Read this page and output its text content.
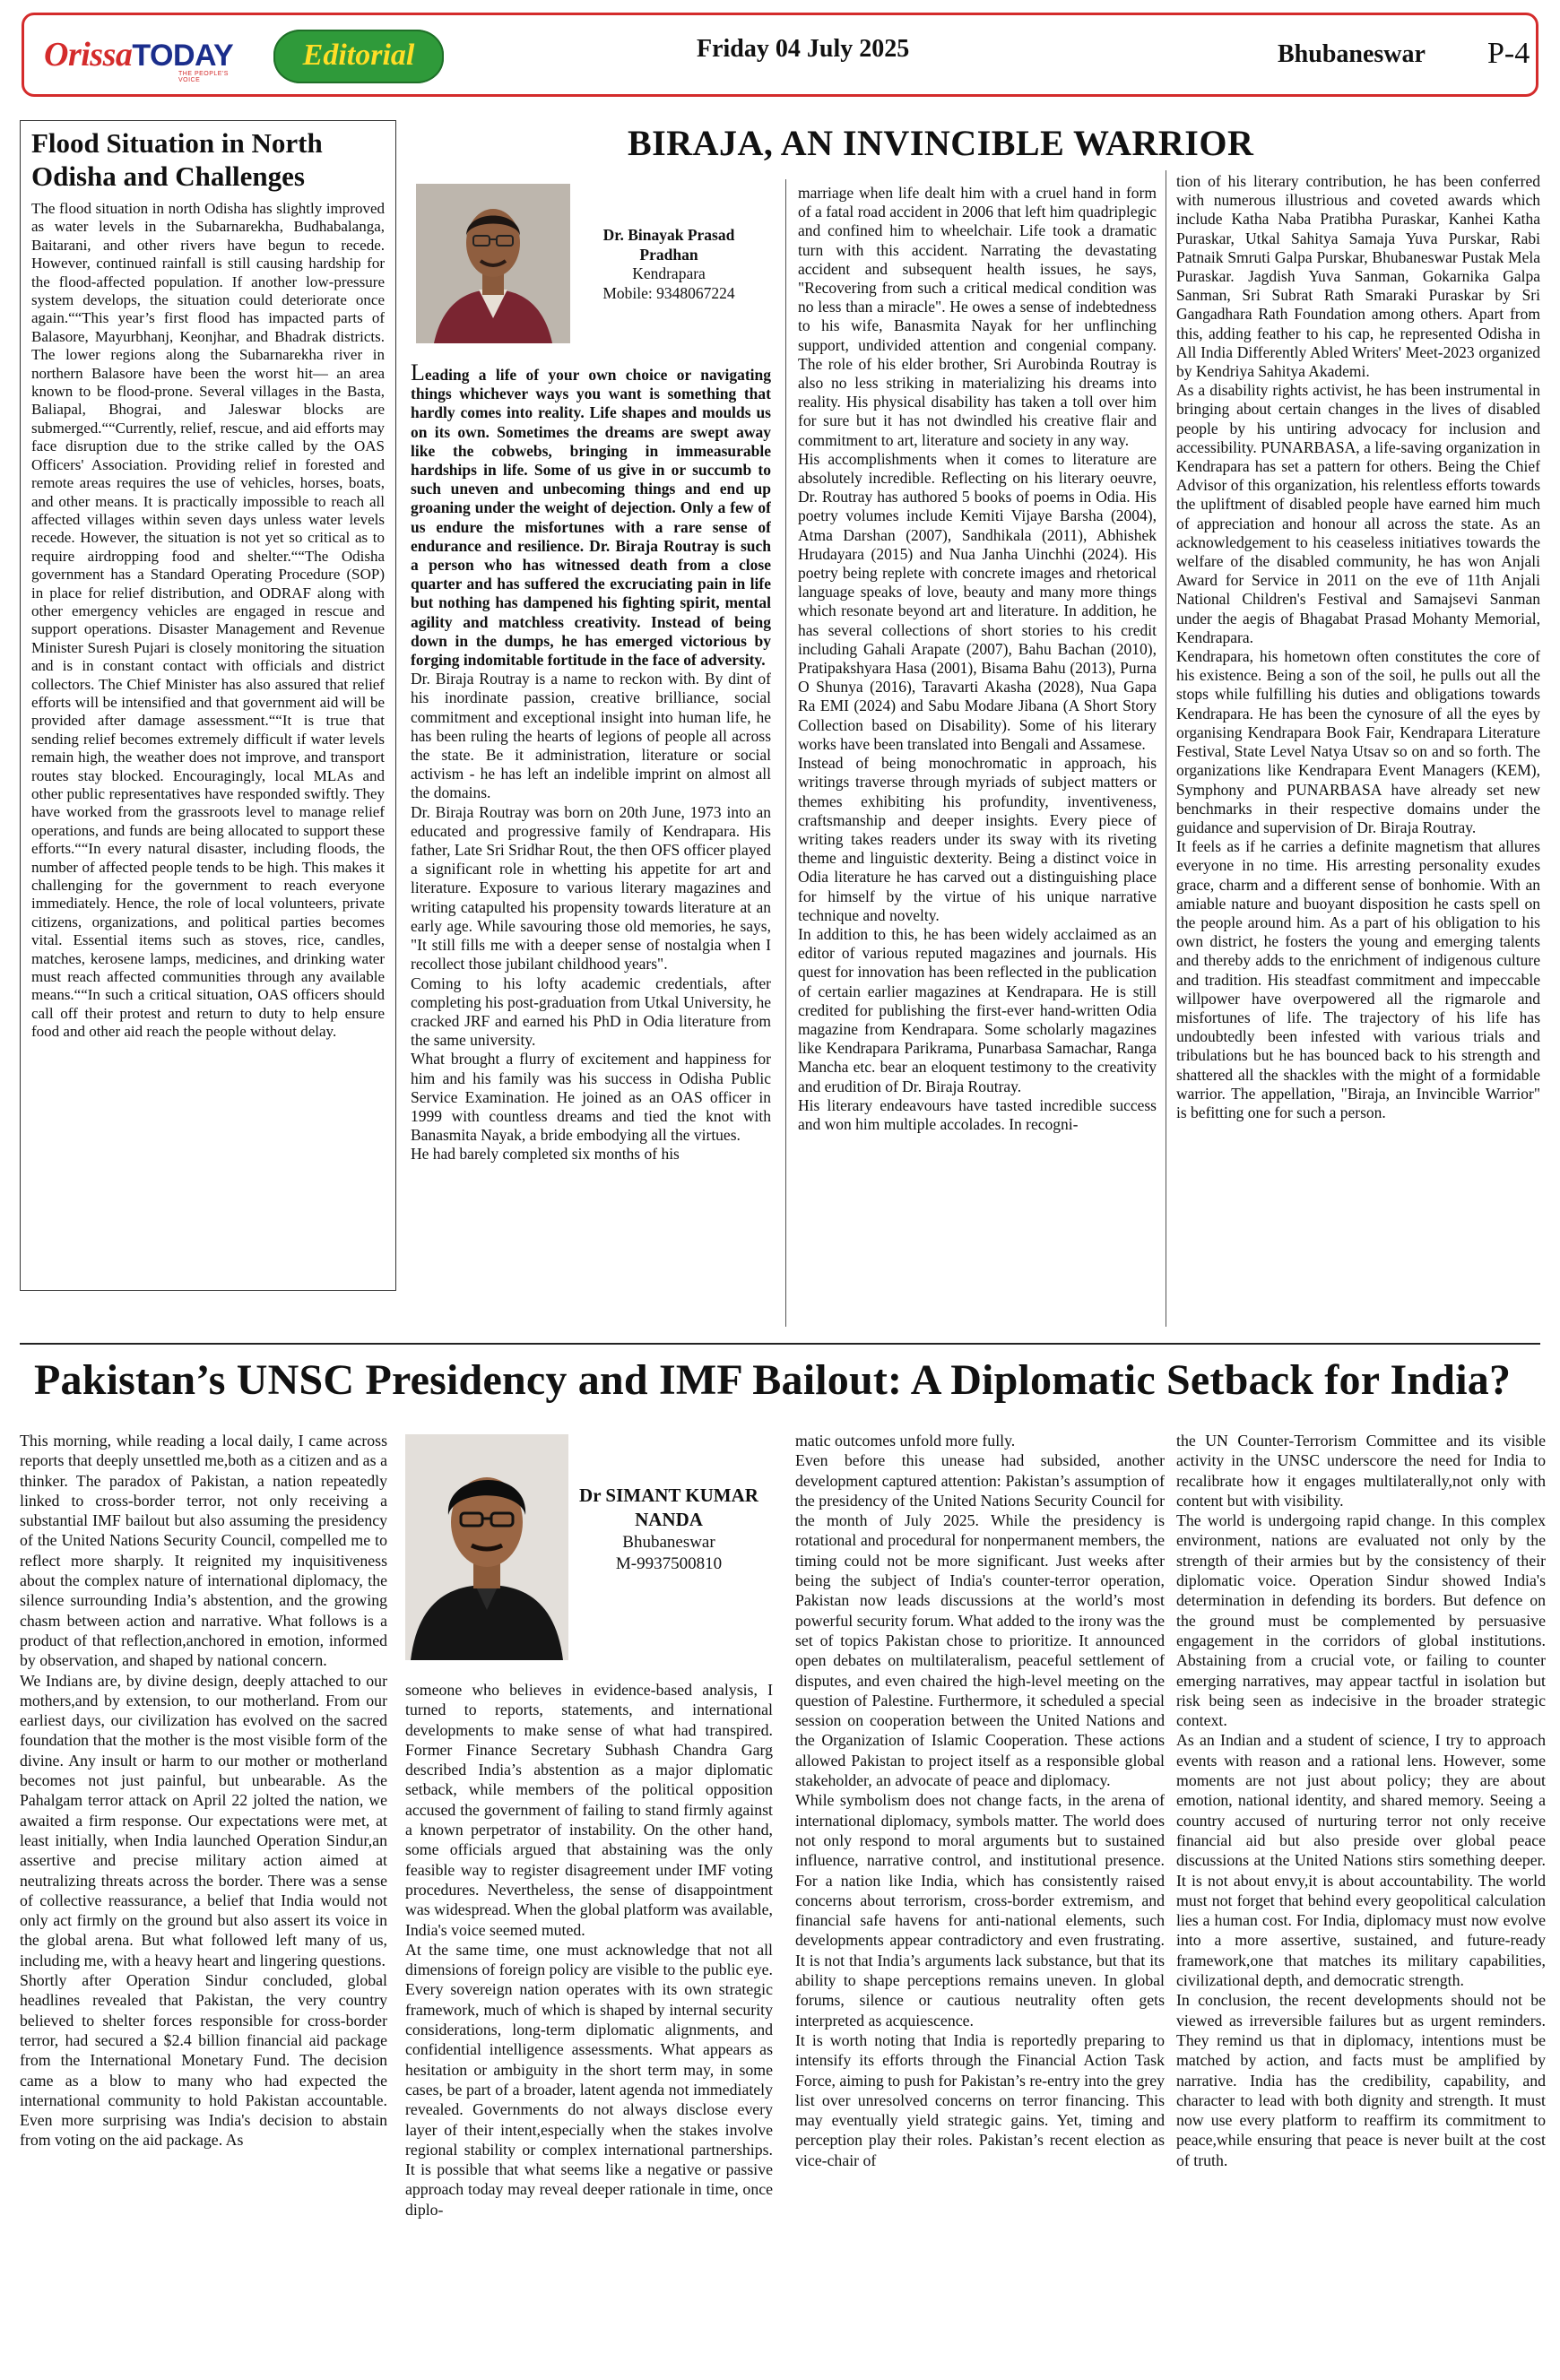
OrissaTODAY
THE PEOPLE'S VOICE
Editorial	Friday 04 July 2025	Bhubaneswar P-4
Flood Situation in North Odisha and Challenges
The flood situation in north Odisha has slightly improved as water levels in the Subarnarekha, Budhabalanga, Baitarani, and other rivers have begun to recede. However, continued rainfall is still causing hardship for the flood-affected population. If another low-pressure system develops, the situation could deteriorate once again.““This year’s first flood has impacted parts of Balasore, Mayurbhanj, Keonjhar, and Bhadrak districts. The lower regions along the Subarnarekha river in northern Balasore have been the worst hit— an area known to be flood-prone. Several villages in the Basta, Baliapal, Bhograi, and Jaleswar blocks are submerged.““Currently, relief, rescue, and aid efforts may face disruption due to the strike called by the OAS Officers' Association. Providing relief in forested and remote areas requires the use of vehicles, horses, boats, and other means. It is practically impossible to reach all affected villages within seven days unless water levels recede. However, the situation is not yet so critical as to require airdropping food and shelter.““The Odisha government has a Standard Operating Procedure (SOP) in place for relief distribution, and ODRAF along with other emergency vehicles are engaged in rescue and support operations. Disaster Management and Revenue Minister Suresh Pujari is closely monitoring the situation and is in constant contact with officials and district collectors. The Chief Minister has also assured that relief efforts will be intensified and that government aid will be provided after damage assessment.““It is true that sending relief becomes extremely difficult if water levels remain high, the weather does not improve, and transport routes stay blocked. Encouragingly, local MLAs and other public representatives have responded swiftly. They have worked from the grassroots level to manage relief operations, and funds are being allocated to support these efforts.““In every natural disaster, including floods, the number of affected people tends to be high. This makes it challenging for the government to reach everyone immediately. Hence, the role of local volunteers, private citizens, organizations, and political parties becomes vital. Essential items such as stoves, rice, candles, matches, kerosene lamps, medicines, and drinking water must reach affected communities through any available means.““In such a critical situation, OAS officers should call off their protest and return to duty to help ensure food and other aid reach the people without delay.
BIRAJA, AN INVINCIBLE WARRIOR
Dr. Binayak Prasad Pradhan
Kendrapara
Mobile: 9348067224

Leading a life of your own choice or navigating things whichever ways you want is something that hardly comes into reality. Life shapes and moulds us on its own. Sometimes the dreams are swept away like the cobwebs, bringing in immeasurable hardships in life. Some of us give in or succumb to such uneven and unbecoming things and end up groaning under the weight of dejection. Only a few of us endure the misfortunes with a rare sense of endurance and resilience. Dr. Biraja Routray is such a person who has witnessed death from a close quarter and has suffered the excruciating pain in life but nothing has dampened his fighting spirit, mental agility and matchless creativity. Instead of being down in the dumps, he has emerged victorious by forging indomitable fortitude in the face of adversity.

Dr. Biraja Routray is a name to reckon with. By dint of his inordinate passion, creative brilliance, social commitment and exceptional insight into human life, he has been ruling the hearts of legions of people all across the state. Be it administration, literature or social activism - he has left an indelible imprint on almost all the domains.

Dr. Biraja Routray was born on 20th June, 1973 into an educated and progressive family of Kendrapara. His father, Late Sri Sridhar Rout, the then OFS officer played a significant role in whetting his appetite for art and literature. Exposure to various literary magazines and writing catapulted his propensity towards literature at an early age. While savouring those old memories, he says, "It still fills me with a deeper sense of nostalgia when I recollect those jubilant childhood years".

Coming to his lofty academic credentials, after completing his post-graduation from Utkal University, he cracked JRF and earned his PhD in Odia literature from the same university.

What brought a flurry of excitement and happiness for him and his family was his success in Odisha Public Service Examination. He joined as an OAS officer in 1999 with countless dreams and tied the knot with Banasmita Nayak, a bride embodying all the virtues.

He had barely completed six months of his

marriage when life dealt him with a cruel hand in form of a fatal road accident in 2006 that left him quadriplegic and confined him to wheelchair. Life took a dramatic turn with this accident. Narrating the devastating accident and subsequent health issues, he says, "Recovering from such a critical medical condition was no less than a miracle". He owes a sense of indebtedness to his wife, Banasmita Nayak for her unflinching support, undivided attention and congenial company. The role of his elder brother, Sri Aurobinda Routray is also no less striking in materializing his dreams into reality. His physical disability has taken a toll over him for sure but it has not dwindled his creative flair and commitment to art, literature and society in any way.

His accomplishments when it comes to literature are absolutely incredible. Reflecting on his literary oeuvre, Dr. Routray has authored 5 books of poems in Odia. His poetry volumes include Kemiti Vijaye Barsha (2004), Atma Darshan (2007), Sandhikala (2011), Abhishek Hrudayara (2015) and Nua Janha Uinchhi (2024). His poetry being replete with concrete images and rhetorical language speaks of love, beauty and many more things which resonate beyond art and literature. In addition, he has several collections of short stories to his credit including Gahali Arapate (2007), Bahu Bachan (2010), Pratipakshyara Hasa (2001), Bisama Bahu (2013), Purna O Shunya (2016), Taravarti Akasha (2028), Nua Gapa Ra EMI (2024) and Sabu Modare Jibana (A Short Story Collection based on Disability). Some of his literary works have been translated into Bengali and Assamese.

Instead of being monochromatic in approach, his writings traverse through myriads of subject matters or themes exhibiting his profundity, inventiveness, craftsmanship and deeper insights. Every piece of writing takes readers under its sway with its riveting theme and linguistic dexterity. Being a distinct voice in Odia literature he has carved out a distinguishing place for himself by the virtue of his unique narrative technique and novelty.

In addition to this, he has been widely acclaimed as an editor of various reputed magazines and journals. His quest for innovation has been reflected in the publication of certain earlier magazines at Kendrapara. He is still credited for publishing the first-ever hand-written Odia magazine from Kendrapara. Some scholarly magazines like Kendrapara Parikrama, Punarbasa Samachar, Ranga Mancha etc. bear an eloquent testimony to the creativity and erudition of Dr. Biraja Routray.

His literary endeavours have tasted incredible success and won him multiple accolades. In recogni-

tion of his literary contribution, he has been conferred with numerous illustrious and coveted awards which include Katha Naba Pratibha Puraskar, Kanhei Katha Puraskar, Utkal Sahitya Samaja Yuva Purskar, Rabi Patnaik Smruti Galpa Purskar, Bhubaneswar Pustak Mela Puraskar. Jagdish Yuva Sanman, Gokarnika Galpa Sanman, Sri Subrat Rath Smaraki Puraskar by Sri Gangadhara Rath Foundation among others. Apart from this, adding feather to his cap, he represented Odisha in All India Differently Abled Writers' Meet-2023 organized by Kendriya Sahitya Akademi.

As a disability rights activist, he has been instrumental in bringing about certain changes in the lives of disabled people by his untiring advocacy for inclusion and accessibility. PUNARBASA, a life-saving organization in Kendrapara has set a pattern for others. Being the Chief Advisor of this organization, his relentless efforts towards the upliftment of disabled people have earned him much of appreciation and honour all across the state. As an acknowledgement to his ceaseless initiatives towards the welfare of the disabled community, he has won Anjali Award for Service in 2011 on the eve of 11th Anjali National Children's Festival and Samajsevi Sanman under the aegis of Bhagabat Prasad Mohanty Memorial, Kendrapara.

Kendrapara, his hometown often constitutes the core of his existence. Being a son of the soil, he pulls out all the stops while fulfilling his duties and obligations towards Kendrapara. He has been the cynosure of all the eyes by organising Kendrapara Book Fair, Kendrapara Literature Festival, State Level Natya Utsav so on and so forth. The organizations like Kendrapara Event Managers (KEM), Symphony and PUNARBASA have already set new benchmarks in their respective domains under the guidance and supervision of Dr. Biraja Routray.

It feels as if he carries a definite magnetism that allures everyone in no time. His arresting personality exudes grace, charm and a different sense of bonhomie. With an amiable nature and buoyant disposition he casts spell on the people around him. As a part of his obligation to his own district, he fosters the young and emerging talents and thereby adds to the enrichment of indigenous culture and tradition. His steadfast commitment and impeccable willpower have overpowered all the rigmarole and misfortunes of life. The trajectory of his life has undoubtedly been infested with various trials and tribulations but he has bounced back to his strength and shattered all the shackles with the might of a formidable warrior. The appellation, "Biraja, an Invincible Warrior" is befitting one for such a person.

Pakistan’s UNSC Presidency and IMF Bailout: A Diplomatic Setback for India?

This morning, while reading a local daily, I came across reports that deeply unsettled me,both as a citizen and as a thinker. The paradox of Pakistan, a nation repeatedly linked to cross-border terror, not only receiving a substantial IMF bailout but also assuming the presidency of the United Nations Security Council, compelled me to reflect more sharply. It reignited my inquisitiveness about the complex nature of international diplomacy, the silence surrounding India’s abstention, and the growing chasm between action and narrative. What follows is a product of that reflection,anchored in emotion, informed by observation, and shaped by national concern.

We Indians are, by divine design, deeply attached to our mothers,and by extension, to our motherland. From our earliest days, our civilization has evolved on the sacred foundation that the mother is the most visible form of the divine. Any insult or harm to our mother or motherland becomes not just painful, but unbearable. As the Pahalgam terror attack on April 22 jolted the nation, we awaited a firm response. Our expectations were met, at least initially, when India launched Operation Sindur,an assertive and precise military action aimed at neutralizing threats across the border. There was a sense of collective reassurance, a belief that India would not only act firmly on the ground but also assert its voice in the global arena. But what followed left many of us, including me, with a heavy heart and lingering questions.

Shortly after Operation Sindur concluded, global headlines revealed that Pakistan, the very country believed to shelter forces responsible for cross-border terror, had secured a $2.4 billion financial aid package from the International Monetary Fund. The decision came as a blow to many who had expected the international community to hold Pakistan accountable. Even more surprising was India's decision to abstain from voting on the aid package. As

Dr SIMANT KUMAR NANDA
Bhubaneswar
M-9937500810

someone who believes in evidence-based analysis, I turned to reports, statements, and international developments to make sense of what had transpired. Former Finance Secretary Subhash Chandra Garg described India’s abstention as a major diplomatic setback, while members of the political opposition accused the government of failing to stand firmly against a known perpetrator of instability. On the other hand, some officials argued that abstaining was the only feasible way to register disagreement under IMF voting procedures. Nevertheless, the sense of disappointment was widespread. When the global platform was available, India's voice seemed muted.

At the same time, one must acknowledge that not all dimensions of foreign policy are visible to the public eye. Every sovereign nation operates with its own strategic framework, much of which is shaped by internal security considerations, long-term diplomatic alignments, and confidential intelligence assessments. What appears as hesitation or ambiguity in the short term may, in some cases, be part of a broader, latent agenda not immediately revealed. Governments do not always disclose every layer of their intent,especially when the stakes involve regional stability or complex international partnerships. It is possible that what seems like a negative or passive approach today may reveal deeper rationale in time, once diplo-

matic outcomes unfold more fully.

Even before this unease had subsided, another development captured attention: Pakistan’s assumption of the presidency of the United Nations Security Council for the month of July 2025. While the presidency is rotational and procedural for nonpermanent members, the timing could not be more significant. Just weeks after being the subject of India's counter-terror operation, Pakistan now leads discussions at the world’s most powerful security forum. What added to the irony was the set of topics Pakistan chose to prioritize. It announced open debates on multilateralism, peaceful settlement of disputes, and even chaired the high-level meeting on the question of Palestine. Furthermore, it scheduled a special session on cooperation between the United Nations and the Organization of Islamic Cooperation. These actions allowed Pakistan to project itself as a responsible global stakeholder, an advocate of peace and diplomacy.

While symbolism does not change facts, in the arena of international diplomacy, symbols matter. The world does not only respond to moral arguments but to sustained influence, narrative control, and institutional presence. For a nation like India, which has consistently raised concerns about terrorism, cross-border extremism, and financial safe havens for anti-national elements, such developments appear contradictory and even frustrating. It is not that India’s arguments lack substance, but that its ability to shape perceptions remains uneven. In global forums, silence or cautious neutrality often gets interpreted as acquiescence.

It is worth noting that India is reportedly preparing to intensify its efforts through the Financial Action Task Force, aiming to push for Pakistan’s re-entry into the grey list over unresolved concerns on terror financing. This may eventually yield strategic gains. Yet, timing and perception play their roles. Pakistan’s recent election as vice-chair of

the UN Counter-Terrorism Committee and its visible activity in the UNSC underscore the need for India to recalibrate how it engages multilaterally,not only with content but with visibility.

The world is undergoing rapid change. In this complex environment, nations are evaluated not only by the strength of their armies but by the consistency of their diplomatic voice. Operation Sindur showed India's determination in defending its borders. But defence on the ground must be complemented by persuasive engagement in the corridors of global institutions. Abstaining from a crucial vote, or failing to counter emerging narratives, may appear tactful in isolation but risk being seen as indecisive in the broader strategic context.

As an Indian and a student of science, I try to approach events with reason and a rational lens. However, some moments are not just about policy; they are about emotion, national identity, and shared memory. Seeing a country accused of nurturing terror not only receive financial aid but also preside over global peace discussions at the United Nations stirs something deeper. It is not about envy,it is about accountability. The world must not forget that behind every geopolitical calculation lies a human cost. For India, diplomacy must now evolve into a more assertive, sustained, and future-ready framework,one that matches its military capabilities, civilizational depth, and democratic strength.

In conclusion, the recent developments should not be viewed as irreversible failures but as urgent reminders. They remind us that in diplomacy, intentions must be matched by action, and facts must be amplified by narrative. India has the credibility, capability, and character to lead with both dignity and strength. It must now use every platform to reaffirm its commitment to peace,while ensuring that peace is never built at the cost of truth.
